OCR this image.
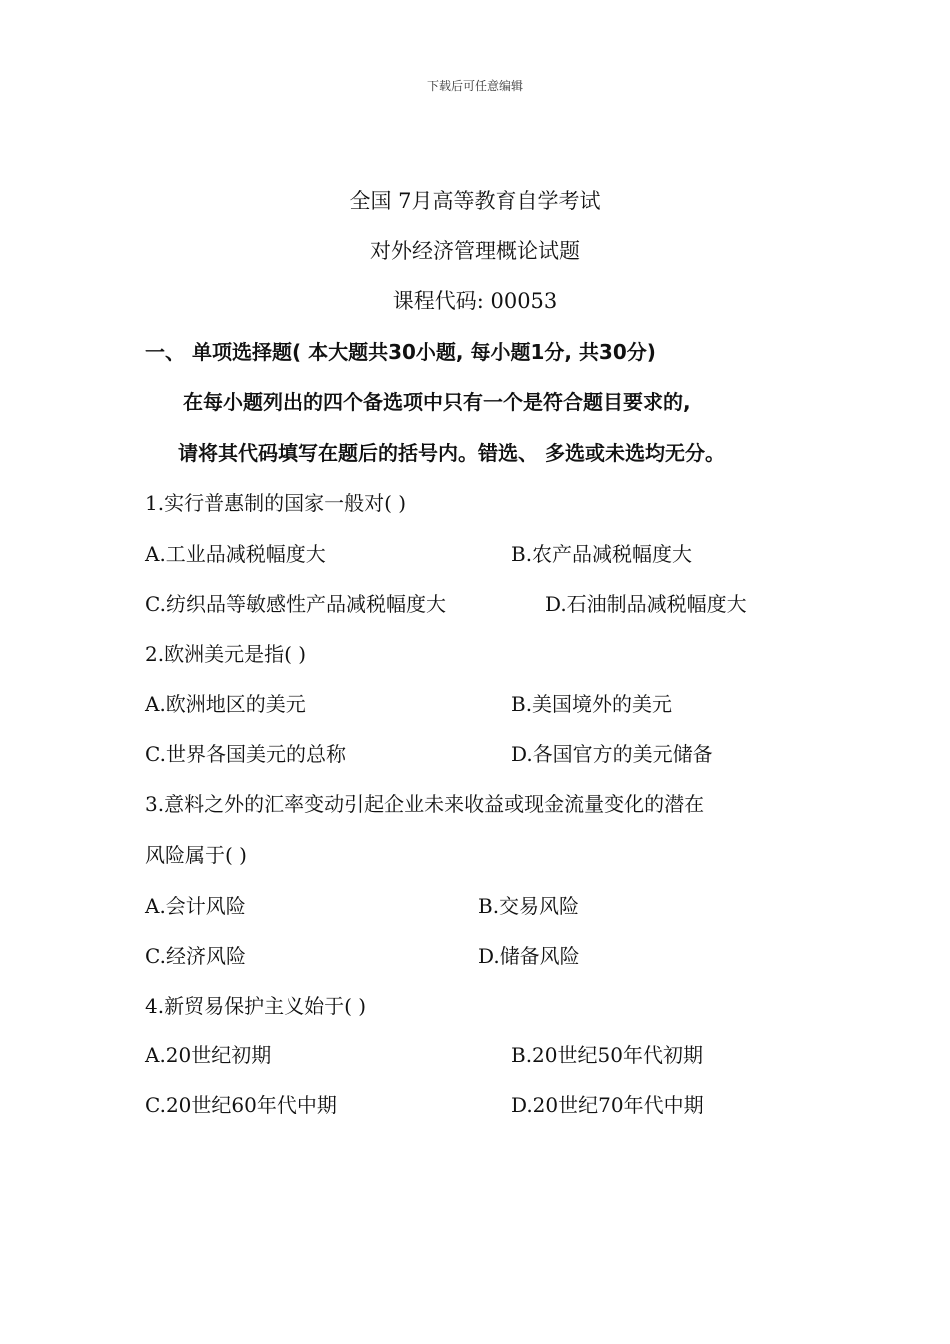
下载后可任意编辑
全国 7月高等教育自学考试
对外经济管理概论试题
课程代码: 00053
一、 单项选择题( 本大题共30小题, 每小题1分, 共30分)
在每小题列出的四个备选项中只有一个是符合题目要求的,
请将其代码填写在题后的括号内。错选、 多选或未选均无分。
1.实行普惠制的国家一般对( )
A.工业品减税幅度大	B.农产品减税幅度大
C.纺织品等敏感性产品减税幅度大	D.石油制品减税幅度大
2.欧洲美元是指( )
A.欧洲地区的美元	B.美国境外的美元
C.世界各国美元的总称	D.各国官方的美元储备
3.意料之外的汇率变动引起企业未来收益或现金流量变化的潜在
风险属于( )
A.会计风险	B.交易风险
C.经济风险	D.储备风险
4.新贸易保护主义始于( )
A.20世纪初期	B.20世纪50年代初期
C.20世纪60年代中期	D.20世纪70年代中期
